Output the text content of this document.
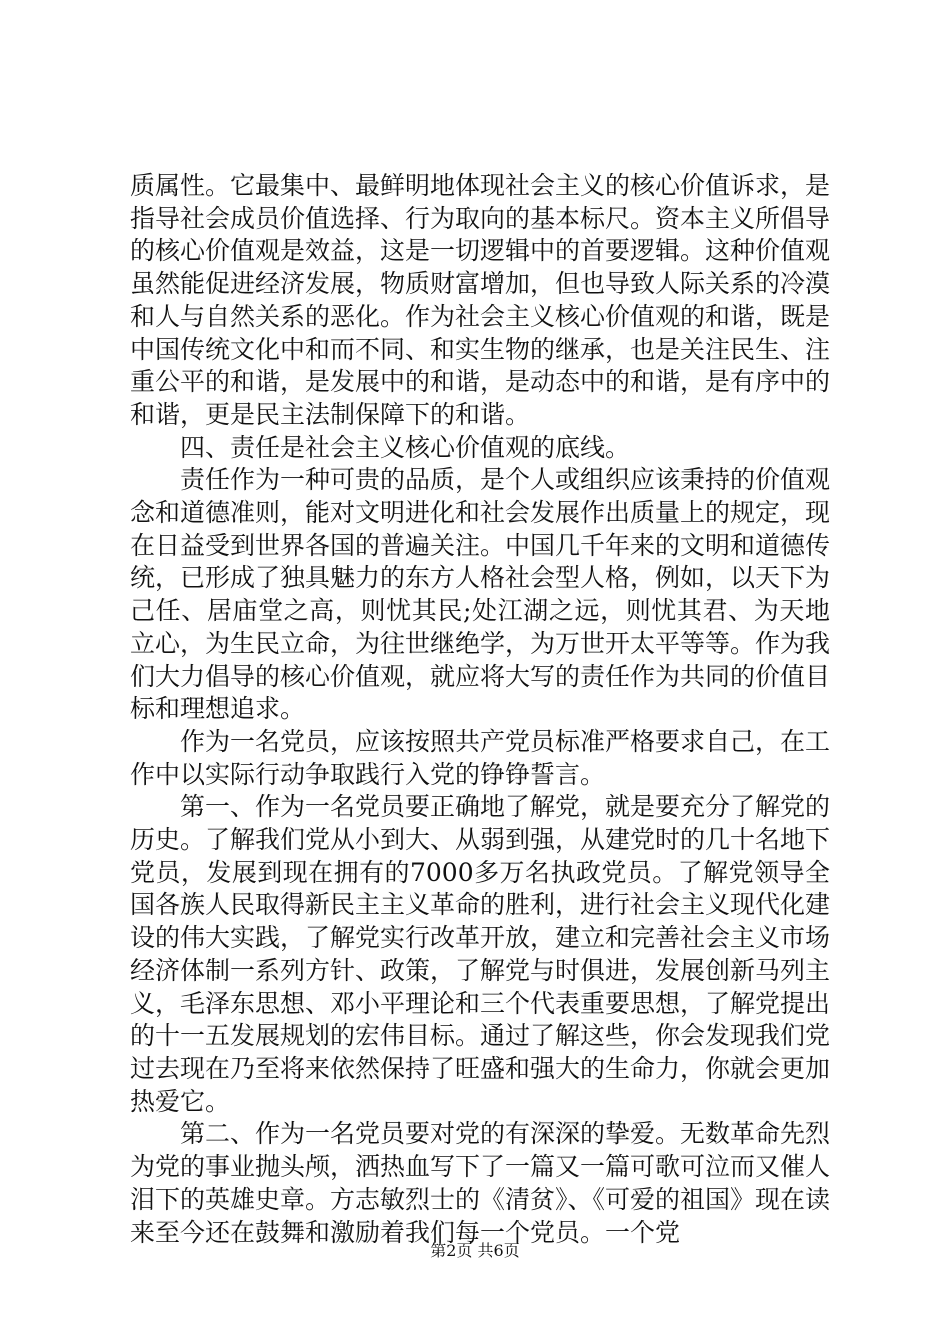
质属性。它最集中、最鲜明地体现社会主义的核心价值诉求，是指导社会成员价值选择、行为取向的基本标尺。资本主义所倡导的核心价值观是效益，这是一切逻辑中的首要逻辑。这种价值观虽然能促进经济发展，物质财富增加，但也导致人际关系的冷漠和人与自然关系的恶化。作为社会主义核心价值观的和谐，既是中国传统文化中和而不同、和实生物的继承，也是关注民生、注重公平的和谐，是发展中的和谐，是动态中的和谐，是有序中的和谐，更是民主法制保障下的和谐。

四、责任是社会主义核心价值观的底线。

责任作为一种可贵的品质，是个人或组织应该秉持的价值观念和道德准则，能对文明进化和社会发展作出质量上的规定，现在日益受到世界各国的普遍关注。中国几千年来的文明和道德传统，已形成了独具魅力的东方人格社会型人格，例如，以天下为己任、居庙堂之高，则忧其民;处江湖之远，则忧其君、为天地立心，为生民立命，为往世继绝学，为万世开太平等等。作为我们大力倡导的核心价值观，就应将大写的责任作为共同的价值目标和理想追求。

作为一名党员，应该按照共产党员标准严格要求自己，在工作中以实际行动争取践行入党的铮铮誓言。

第一、作为一名党员要正确地了解党，就是要充分了解党的历史。了解我们党从小到大、从弱到强，从建党时的几十名地下党员，发展到现在拥有的7000多万名执政党员。了解党领导全国各族人民取得新民主主义革命的胜利，进行社会主义现代化建设的伟大实践，了解党实行改革开放，建立和完善社会主义市场经济体制一系列方针、政策，了解党与时俱进，发展创新马列主义，毛泽东思想、邓小平理论和三个代表重要思想，了解党提出的十一五发展规划的宏伟目标。通过了解这些，你会发现我们党过去现在乃至将来依然保持了旺盛和强大的生命力，你就会更加热爱它。

第二、作为一名党员要对党的有深深的挚爱。无数革命先烈为党的事业抛头颅，洒热血写下了一篇又一篇可歌可泣而又催人泪下的英雄史章。方志敏烈士的《清贫》、《可爱的祖国》现在读来至今还在鼓舞和激励着我们每一个党员。一个党

第2页 共6页
